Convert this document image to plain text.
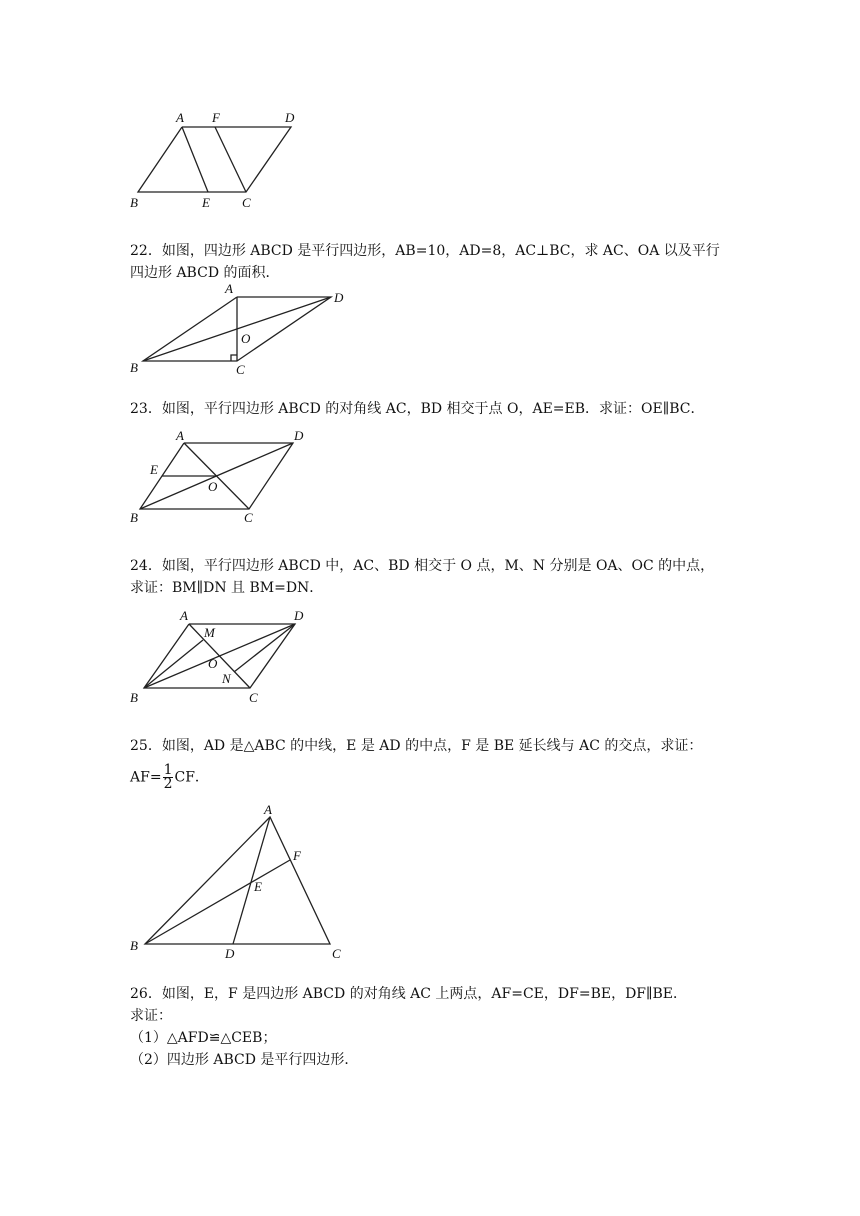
A F	D
B	E C
22．如图，四边形 ABCD 是平行四边形，AB=10，AD=8，AC⊥BC，求 AC、OA 以及平行
四边形 ABCD 的面积．
A
D
O
B	C
23．如图，平行四边形 ABCD 的对角线 AC，BD 相交于点 O，AE=EB．求证：OE∥BC．
A	D
E
O
B	C
24．如图，平行四边形 ABCD 中，AC、BD 相交于 O 点，M、N 分别是 OA、OC 的中点，
求证：BM∥DN 且 BM=DN．
A
M
D
O
N
B	C
25．如图，AD 是△ABC 的中线，E 是 AD 的中点，F 是 BE 延长线与 AC 的交点，求证：
$AF= \frac{1}{2}$ CF．
A
F
E
B
D	C
26．如图，E，F 是四边形 ABCD 的对角线 AC 上两点，AF=CE，DF=BE，DF∥BE．
求证：
（1）△AFD≌△CEB；
（2）四边形 ABCD 是平行四边形．
